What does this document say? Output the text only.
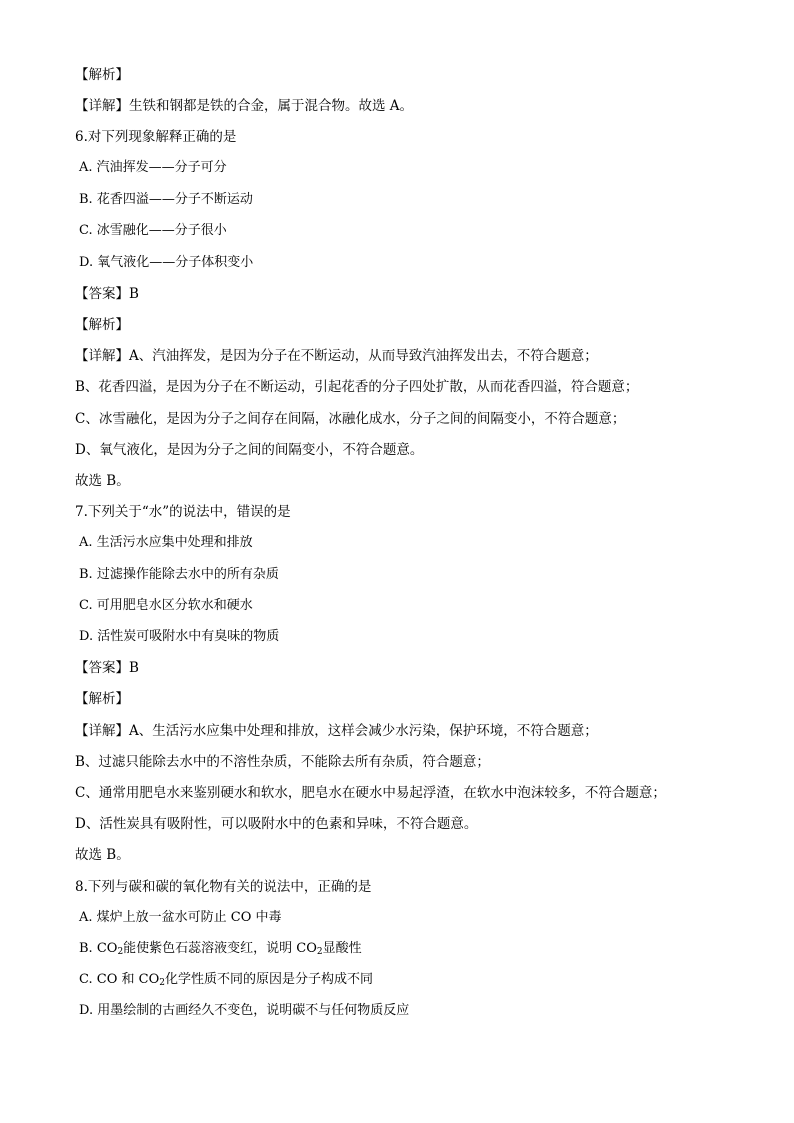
【解析】
【详解】生铁和钢都是铁的合金，属于混合物。故选 A。
6.对下列现象解释正确的是
A. 汽油挥发——分子可分
B. 花香四溢——分子不断运动
C. 冰雪融化——分子很小
D. 氧气液化——分子体积变小
【答案】B
【解析】
【详解】A、汽油挥发，是因为分子在不断运动，从而导致汽油挥发出去，不符合题意；
B、花香四溢，是因为分子在不断运动，引起花香的分子四处扩散，从而花香四溢，符合题意；
C、冰雪融化，是因为分子之间存在间隔，冰融化成水，分子之间的间隔变小，不符合题意；
D、氧气液化，是因为分子之间的间隔变小，不符合题意。
故选 B。
7.下列关于“水”的说法中，错误的是
A. 生活污水应集中处理和排放
B. 过滤操作能除去水中的所有杂质
C. 可用肥皂水区分软水和硬水
D. 活性炭可吸附水中有臭味的物质
【答案】B
【解析】
【详解】A、生活污水应集中处理和排放，这样会减少水污染，保护环境，不符合题意；
B、过滤只能除去水中的不溶性杂质，不能除去所有杂质，符合题意；
C、通常用肥皂水来鉴别硬水和软水，肥皂水在硬水中易起浮渣，在软水中泡沫较多，不符合题意；
D、活性炭具有吸附性，可以吸附水中的色素和异味，不符合题意。
故选 B。
8.下列与碳和碳的氧化物有关的说法中，正确的是
A. 煤炉上放一盆水可防止 CO 中毒
B. $CO_2$能使紫色石蕊溶液变红，说明 $CO_2$显酸性
C. CO 和 $CO_2$化学性质不同的原因是分子构成不同
D. 用墨绘制的古画经久不变色，说明碳不与任何物质反应
